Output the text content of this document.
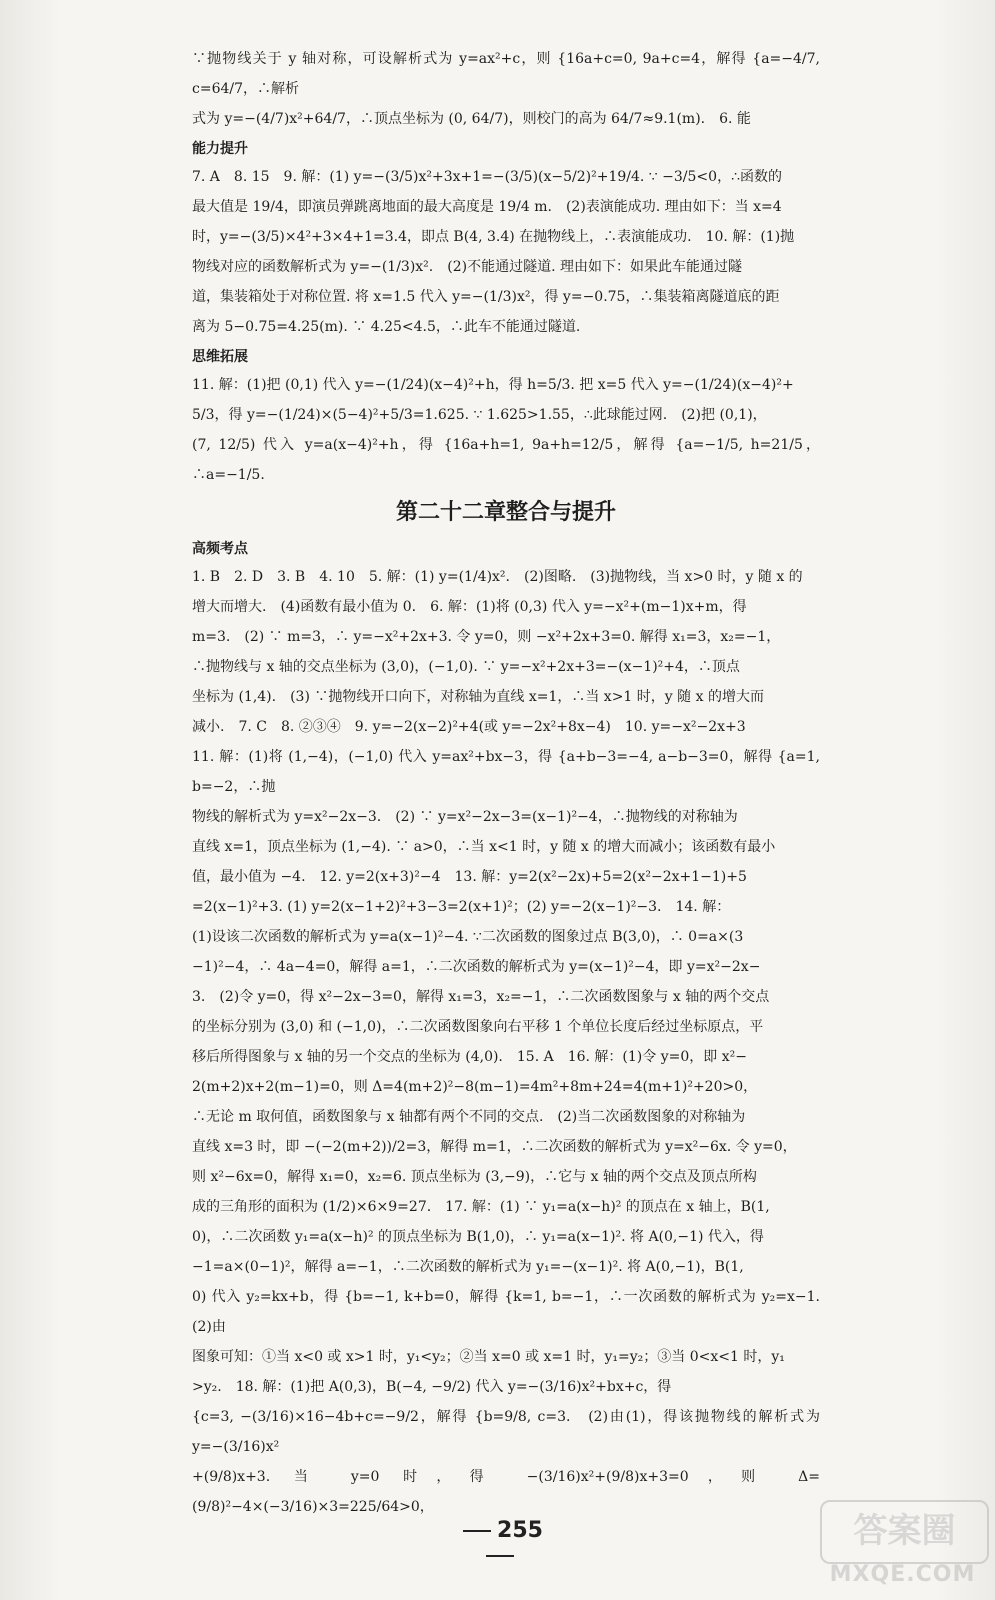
∵抛物线关于 y 轴对称，可设解析式为 y=ax²+c，则 {16a+c=0, 9a+c=4，解得 {a=−4/7, c=64/7，∴解析

式为 y=−(4/7)x²+64/7，∴顶点坐标为 (0, 64/7)，则校门的高为 64/7≈9.1(m).　6. 能

能力提升

7. A　8. 15　9. 解：(1) y=−(3/5)x²+3x+1=−(3/5)(x−5/2)²+19/4. ∵ −3/5<0，∴函数的

最大值是 19/4，即演员弹跳离地面的最大高度是 19/4 m.　(2)表演能成功. 理由如下：当 x=4

时，y=−(3/5)×4²+3×4+1=3.4，即点 B(4, 3.4) 在抛物线上，∴表演能成功.　10. 解：(1)抛

物线对应的函数解析式为 y=−(1/3)x².　(2)不能通过隧道. 理由如下：如果此车能通过隧

道，集装箱处于对称位置. 将 x=1.5 代入 y=−(1/3)x²，得 y=−0.75，∴集装箱离隧道底的距

离为 5−0.75=4.25(m). ∵ 4.25<4.5，∴此车不能通过隧道.

思维拓展

11. 解：(1)把 (0,1) 代入 y=−(1/24)(x−4)²+h，得 h=5/3. 把 x=5 代入 y=−(1/24)(x−4)²+

5/3，得 y=−(1/24)×(5−4)²+5/3=1.625. ∵ 1.625>1.55，∴此球能过网.　(2)把 (0,1)，

(7, 12/5) 代入 y=a(x−4)²+h，得 {16a+h=1, 9a+h=12/5，解得 {a=−1/5, h=21/5，∴a=−1/5.

第二十二章整合与提升
高频考点

1. B　2. D　3. B　4. 10　5. 解：(1) y=(1/4)x².　(2)图略.　(3)抛物线，当 x>0 时，y 随 x 的

增大而增大.　(4)函数有最小值为 0.　6. 解：(1)将 (0,3) 代入 y=−x²+(m−1)x+m，得

m=3.　(2) ∵ m=3，∴ y=−x²+2x+3. 令 y=0，则 −x²+2x+3=0. 解得 x₁=3，x₂=−1，

∴抛物线与 x 轴的交点坐标为 (3,0)，(−1,0). ∵ y=−x²+2x+3=−(x−1)²+4，∴顶点

坐标为 (1,4).　(3) ∵抛物线开口向下，对称轴为直线 x=1，∴当 x>1 时，y 随 x 的增大而

减小.　7. C　8. ②③④　9. y=−2(x−2)²+4(或 y=−2x²+8x−4)　10. y=−x²−2x+3

11. 解：(1)将 (1,−4)，(−1,0) 代入 y=ax²+bx−3，得 {a+b−3=−4, a−b−3=0，解得 {a=1, b=−2，∴抛

物线的解析式为 y=x²−2x−3.　(2) ∵ y=x²−2x−3=(x−1)²−4，∴抛物线的对称轴为

直线 x=1，顶点坐标为 (1,−4). ∵ a>0，∴当 x<1 时，y 随 x 的增大而减小；该函数有最小

值，最小值为 −4.　12. y=2(x+3)²−4　13. 解：y=2(x²−2x)+5=2(x²−2x+1−1)+5

=2(x−1)²+3. (1) y=2(x−1+2)²+3−3=2(x+1)²；(2) y=−2(x−1)²−3.　14. 解：

(1)设该二次函数的解析式为 y=a(x−1)²−4. ∵二次函数的图象过点 B(3,0)，∴ 0=a×(3

−1)²−4，∴ 4a−4=0，解得 a=1，∴二次函数的解析式为 y=(x−1)²−4，即 y=x²−2x−

3.　(2)令 y=0，得 x²−2x−3=0，解得 x₁=3，x₂=−1，∴二次函数图象与 x 轴的两个交点

的坐标分别为 (3,0) 和 (−1,0)，∴二次函数图象向右平移 1 个单位长度后经过坐标原点，平

移后所得图象与 x 轴的另一个交点的坐标为 (4,0).　15. A　16. 解：(1)令 y=0，即 x²−

2(m+2)x+2(m−1)=0，则 Δ=4(m+2)²−8(m−1)=4m²+8m+24=4(m+1)²+20>0，

∴无论 m 取何值，函数图象与 x 轴都有两个不同的交点.　(2)当二次函数图象的对称轴为

直线 x=3 时，即 −(−2(m+2))/2=3，解得 m=1，∴二次函数的解析式为 y=x²−6x. 令 y=0，

则 x²−6x=0，解得 x₁=0，x₂=6. 顶点坐标为 (3,−9)，∴它与 x 轴的两个交点及顶点所构

成的三角形的面积为 (1/2)×6×9=27.　17. 解：(1) ∵ y₁=a(x−h)² 的顶点在 x 轴上，B(1,

0)，∴二次函数 y₁=a(x−h)² 的顶点坐标为 B(1,0)，∴ y₁=a(x−1)². 将 A(0,−1) 代入，得

−1=a×(0−1)²，解得 a=−1，∴二次函数的解析式为 y₁=−(x−1)². 将 A(0,−1)，B(1,

0) 代入 y₂=kx+b，得 {b=−1, k+b=0，解得 {k=1, b=−1，∴一次函数的解析式为 y₂=x−1.　(2)由

图象可知：①当 x<0 或 x>1 时，y₁<y₂；②当 x=0 或 x=1 时，y₁=y₂；③当 0<x<1 时，y₁

>y₂.　18. 解：(1)把 A(0,3)，B(−4, −9/2) 代入 y=−(3/16)x²+bx+c，得

{c=3, −(3/16)×16−4b+c=−9/2，解得 {b=9/8, c=3.　(2)由(1)，得该抛物线的解析式为 y=−(3/16)x²

+(9/8)x+3. 当 y=0 时，得 −(3/16)x²+(9/8)x+3=0，则 Δ=(9/8)²−4×(−3/16)×3=225/64>0，

255	答案圈
MXQE.COM
